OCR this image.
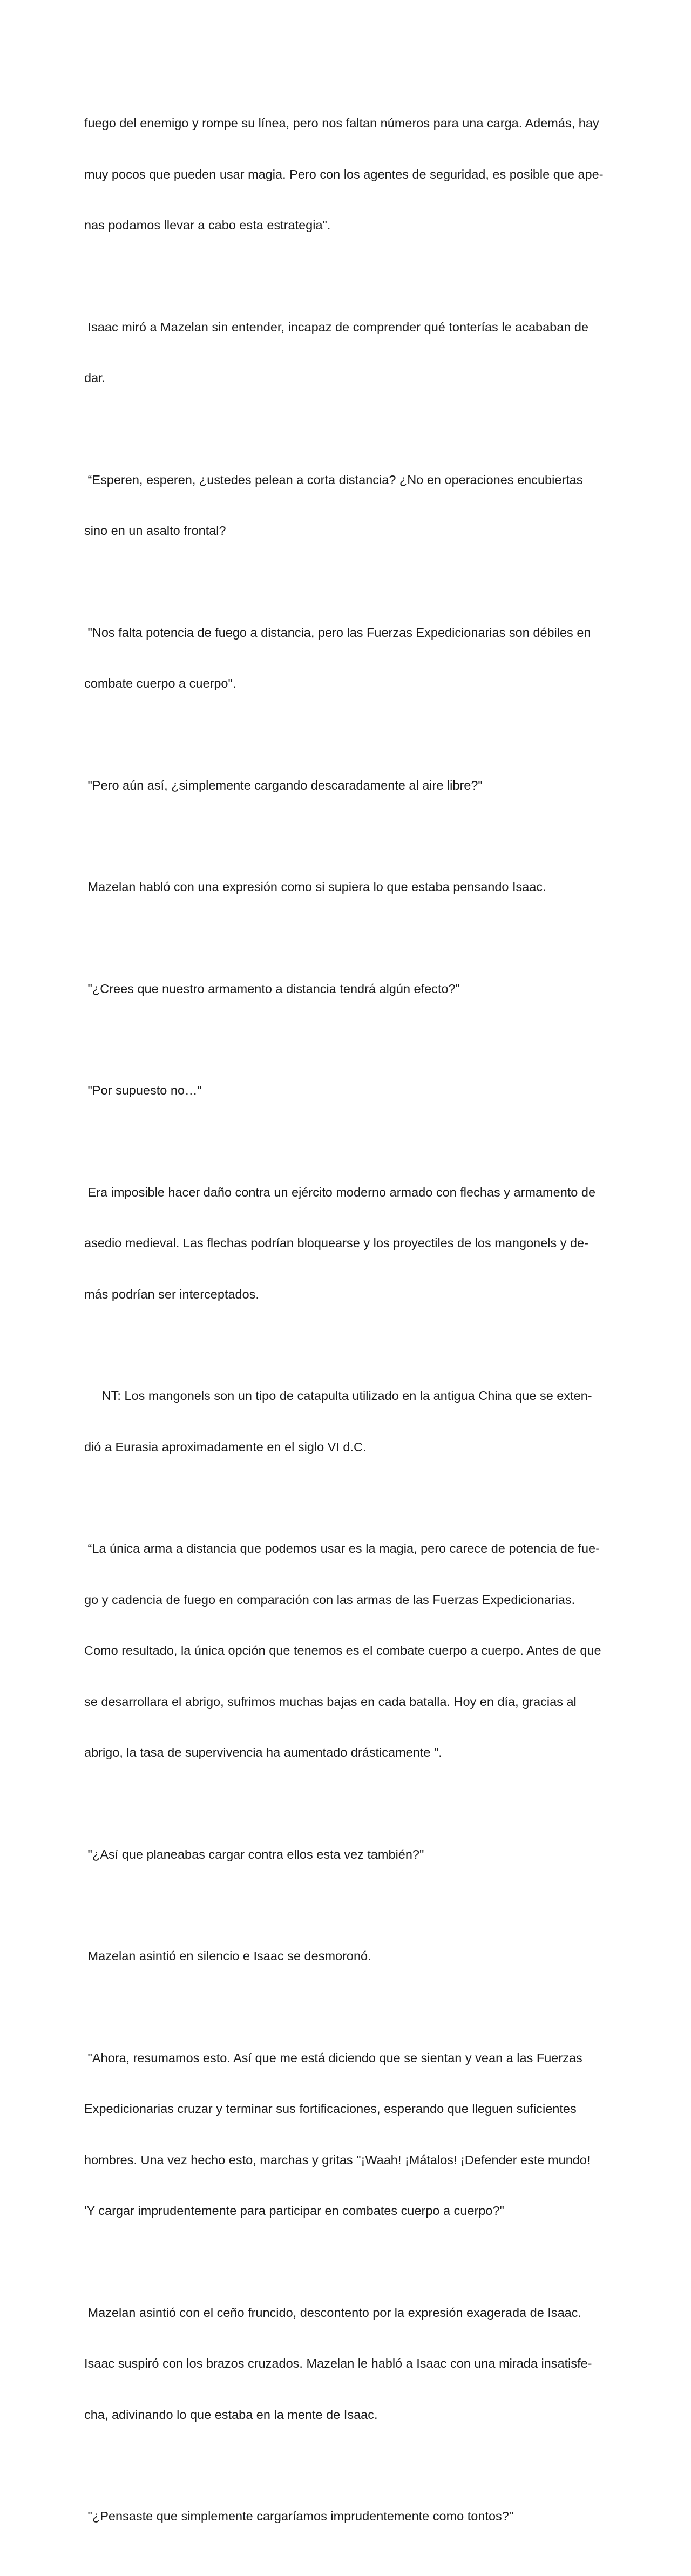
fuego del enemigo y rompe su línea, pero nos faltan números para una carga. Además, hay

muy pocos que pueden usar magia. Pero con los agentes de seguridad, es posible que ape-

nas podamos llevar a cabo esta estrategia".

Isaac miró a Mazelan sin entender, incapaz de comprender qué tonterías le acababan de

dar.

“Esperen, esperen, ¿ustedes pelean a corta distancia? ¿No en operaciones encubiertas

sino en un asalto frontal?

"Nos falta potencia de fuego a distancia, pero las Fuerzas Expedicionarias son débiles en

combate cuerpo a cuerpo".

"Pero aún así, ¿simplemente cargando descaradamente al aire libre?"

Mazelan habló con una expresión como si supiera lo que estaba pensando Isaac.

"¿Crees que nuestro armamento a distancia tendrá algún efecto?"

"Por supuesto no…"

Era imposible hacer daño contra un ejército moderno armado con flechas y armamento de

asedio medieval. Las flechas podrían bloquearse y los proyectiles de los mangonels y de-

más podrían ser interceptados.

NT: Los mangonels son un tipo de catapulta utilizado en la antigua China que se exten-

dió a Eurasia aproximadamente en el siglo VI d.C.

“La única arma a distancia que podemos usar es la magia, pero carece de potencia de fue-

go y cadencia de fuego en comparación con las armas de las Fuerzas Expedicionarias.

Como resultado, la única opción que tenemos es el combate cuerpo a cuerpo. Antes de que

se desarrollara el abrigo, sufrimos muchas bajas en cada batalla. Hoy en día, gracias al

abrigo, la tasa de supervivencia ha aumentado drásticamente ".

"¿Así que planeabas cargar contra ellos esta vez también?"

Mazelan asintió en silencio e Isaac se desmoronó.

"Ahora, resumamos esto. Así que me está diciendo que se sientan y vean a las Fuerzas

Expedicionarias cruzar y terminar sus fortificaciones, esperando que lleguen suficientes

hombres. Una vez hecho esto, marchas y gritas "¡Waah! ¡Mátalos! ¡Defender este mundo!

'Y cargar imprudentemente para participar en combates cuerpo a cuerpo?"

Mazelan asintió con el ceño fruncido, descontento por la expresión exagerada de Isaac.

Isaac suspiró con los brazos cruzados. Mazelan le habló a Isaac con una mirada insatisfe-

cha, adivinando lo que estaba en la mente de Isaac.

"¿Pensaste que simplemente cargaríamos imprudentemente como tontos?"
